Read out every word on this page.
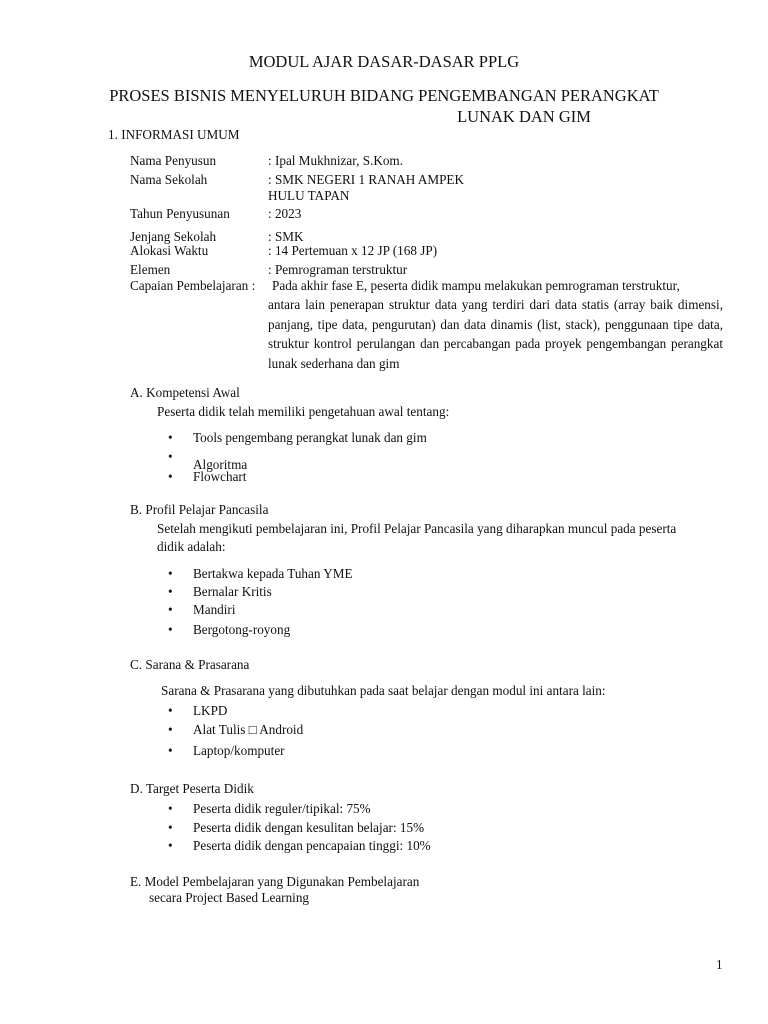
MODUL AJAR DASAR-DASAR PPLG
PROSES BISNIS MENYELURUH BIDANG PENGEMBANGAN PERANGKAT
LUNAK DAN GIM
1. INFORMASI UMUM
Nama Penyusun	: Ipal Mukhnizar, S.Kom.
Nama Sekolah	: SMK NEGERI 1 RANAH AMPEK
HULU TAPAN
Tahun Penyusunan	: 2023
Jenjang Sekolah	: SMK
Alokasi Waktu	: 14 Pertemuan x 12 JP (168 JP)
Elemen	: Pemrograman terstruktur
Capaian Pembelajaran : Pada akhir fase E, peserta didik mampu melakukan pemrograman terstruktur,
antara lain penerapan struktur data yang terdiri dari data statis (array baik dimensi, panjang, tipe data, pengurutan) dan data dinamis (list, stack), penggunaan tipe data, struktur kontrol perulangan dan percabangan pada proyek pengembangan perangkat lunak sederhana dan gim
A. Kompetensi Awal
Peserta didik telah memiliki pengetahuan awal tentang:
• Tools pengembang perangkat lunak dan gim
•
Algoritma
• Flowchart
B. Profil Pelajar Pancasila
Setelah mengikuti pembelajaran ini, Profil Pelajar Pancasila yang diharapkan muncul pada peserta
didik adalah:
• Bertakwa kepada Tuhan YME
• Bernalar Kritis
• Mandiri
• Bergotong-royong
C. Sarana & Prasarana
Sarana & Prasarana yang dibutuhkan pada saat belajar dengan modul ini antara lain:
• LKPD
• Alat Tulis □ Android
• Laptop/komputer
D. Target Peserta Didik
• Peserta didik reguler/tipikal: 75%
• Peserta didik dengan kesulitan belajar: 15%
• Peserta didik dengan pencapaian tinggi: 10%
E. Model Pembelajaran yang Digunakan Pembelajaran
secara Project Based Learning
1
